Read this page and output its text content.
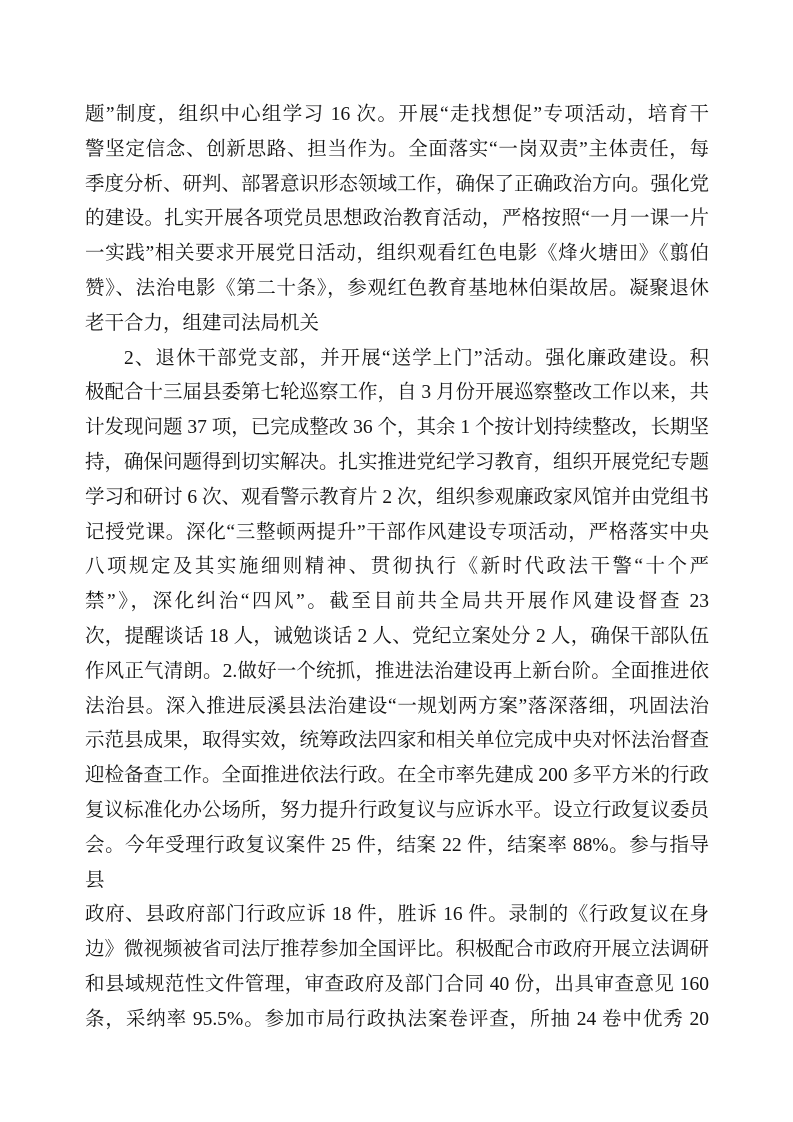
题”制度，组织中心组学习 16 次。开展“走找想促”专项活动，培育干
警坚定信念、创新思路、担当作为。全面落实“一岗双责”主体责任，每
季度分析、研判、部署意识形态领域工作，确保了正确政治方向。强化党
的建设。扎实开展各项党员思想政治教育活动，严格按照“一月一课一片
一实践”相关要求开展党日活动，组织观看红色电影《烽火塘田》《翦伯
赞》、法治电影《第二十条》，参观红色教育基地林伯渠故居。凝聚退休
老干合力，组建司法局机关
2、退休干部党支部，并开展“送学上门”活动。强化廉政建设。积
极配合十三届县委第七轮巡察工作，自 3 月份开展巡察整改工作以来，共
计发现问题 37 项，已完成整改 36 个，其余 1 个按计划持续整改，长期坚
持，确保问题得到切实解决。扎实推进党纪学习教育，组织开展党纪专题
学习和研讨 6 次、观看警示教育片 2 次，组织参观廉政家风馆并由党组书
记授党课。深化“三整顿两提升”干部作风建设专项活动，严格落实中央
八项规定及其实施细则精神、贯彻执行《新时代政法干警“十个严
禁”》，深化纠治“四风”。截至目前共全局共开展作风建设督查 23
次，提醒谈话 18 人，诫勉谈话 2 人、党纪立案处分 2 人，确保干部队伍
作风正气清朗。2.做好一个统抓，推进法治建设再上新台阶。全面推进依
法治县。深入推进辰溪县法治建设“一规划两方案”落深落细，巩固法治
示范县成果，取得实效，统筹政法四家和相关单位完成中央对怀法治督查
迎检备查工作。全面推进依法行政。在全市率先建成 200 多平方米的行政
复议标准化办公场所，努力提升行政复议与应诉水平。设立行政复议委员
会。今年受理行政复议案件 25 件，结案 22 件，结案率 88%。参与指导县
政府、县政府部门行政应诉 18 件，胜诉 16 件。录制的《行政复议在身
边》微视频被省司法厅推荐参加全国评比。积极配合市政府开展立法调研
和县域规范性文件管理，审查政府及部门合同 40 份，出具审查意见 160
条，采纳率 95.5%。参加市局行政执法案卷评查，所抽 24 卷中优秀 20
